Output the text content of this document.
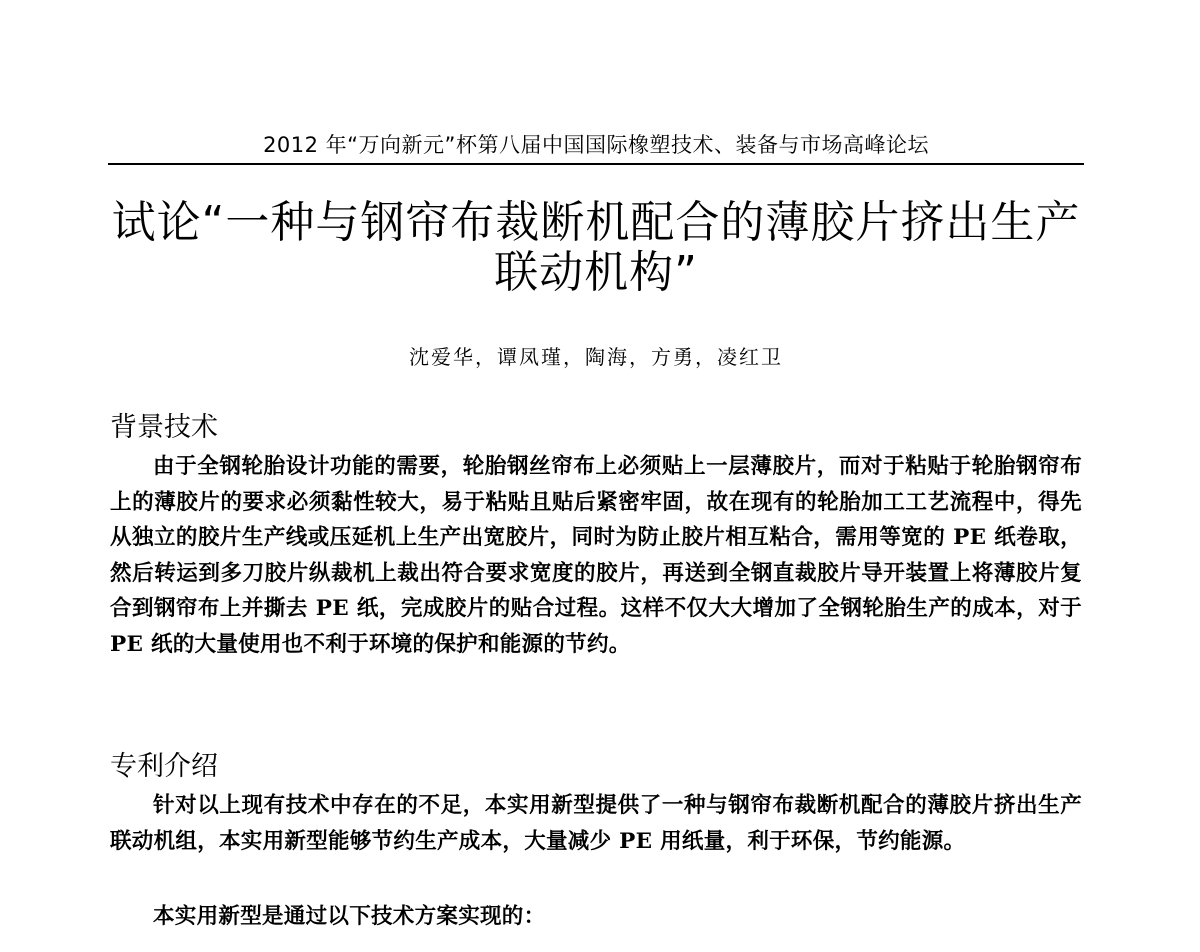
2012 年“万向新元”杯第八届中国国际橡塑技术、装备与市场高峰论坛
试论“一种与钢帘布裁断机配合的薄胶片挤出生产
联动机构”
沈爱华，谭凤瑾，陶海，方勇，凌红卫
背景技术
由于全钢轮胎设计功能的需要，轮胎钢丝帘布上必须贴上一层薄胶片，而对于粘贴于轮胎钢帘布上的薄胶片的要求必须黏性较大，易于粘贴且贴后紧密牢固，故在现有的轮胎加工工艺流程中，得先从独立的胶片生产线或压延机上生产出宽胶片，同时为防止胶片相互粘合，需用等宽的 PE 纸卷取，然后转运到多刀胶片纵裁机上裁出符合要求宽度的胶片，再送到全钢直裁胶片导开装置上将薄胶片复合到钢帘布上并撕去 PE 纸，完成胶片的贴合过程。这样不仅大大增加了全钢轮胎生产的成本，对于 PE 纸的大量使用也不利于环境的保护和能源的节约。
专利介绍
针对以上现有技术中存在的不足，本实用新型提供了一种与钢帘布裁断机配合的薄胶片挤出生产联动机组，本实用新型能够节约生产成本，大量减少 PE 用纸量，利于环保，节约能源。
本实用新型是通过以下技术方案实现的：
